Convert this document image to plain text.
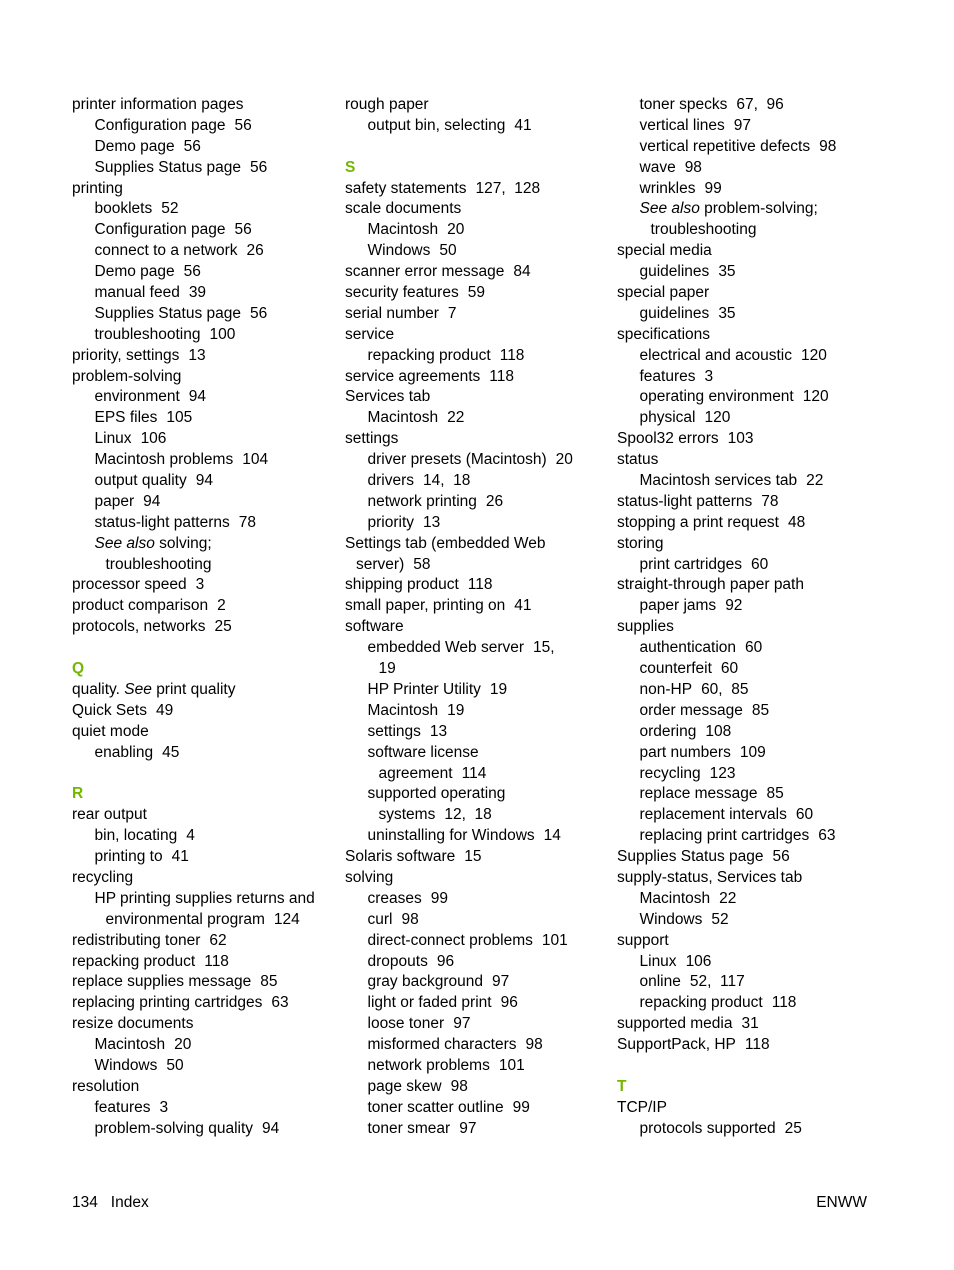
printer information pages
Configuration page 56
Demo page 56
Supplies Status page 56
printing
booklets 52
Configuration page 56
connect to a network 26
Demo page 56
manual feed 39
Supplies Status page 56
troubleshooting 100
priority, settings 13
problem-solving
environment 94
EPS files 105
Linux 106
Macintosh problems 104
output quality 94
paper 94
status-light patterns 78
See also solving;
troubleshooting
processor speed 3
product comparison 2
protocols, networks 25
Q
quality. See print quality
Quick Sets 49
quiet mode
enabling 45
R
rear output
bin, locating 4
printing to 41
recycling
HP printing supplies returns and
environmental program 124
redistributing toner 62
repacking product 118
replace supplies message 85
replacing printing cartridges 63
resize documents
Macintosh 20
Windows 50
resolution
features 3
problem-solving quality 94
rough paper
output bin, selecting 41
S
safety statements 127,  128
scale documents
Macintosh 20
Windows 50
scanner error message 84
security features 59
serial number 7
service
repacking product 118
service agreements 118
Services tab
Macintosh 22
settings
driver presets (Macintosh) 20
drivers 14,  18
network printing 26
priority 13
Settings tab (embedded Web
server) 58
shipping product 118
small paper, printing on 41
software
embedded Web server 15,
19
HP Printer Utility 19
Macintosh 19
settings 13
software license
agreement 114
supported operating
systems 12,  18
uninstalling for Windows 14
Solaris software 15
solving
creases 99
curl 98
direct-connect problems 101
dropouts 96
gray background 97
light or faded print 96
loose toner 97
misformed characters 98
network problems 101
page skew 98
toner scatter outline 99
toner smear 97
toner specks 67,  96
vertical lines 97
vertical repetitive defects 98
wave 98
wrinkles 99
See also problem-solving;
troubleshooting
special media
guidelines 35
special paper
guidelines 35
specifications
electrical and acoustic 120
features 3
operating environment 120
physical 120
Spool32 errors 103
status
Macintosh services tab 22
status-light patterns 78
stopping a print request 48
storing
print cartridges 60
straight-through paper path
paper jams 92
supplies
authentication 60
counterfeit 60
non-HP 60,  85
order message 85
ordering 108
part numbers 109
recycling 123
replace message 85
replacement intervals 60
replacing print cartridges 63
Supplies Status page 56
supply-status, Services tab
Macintosh 22
Windows 52
support
Linux 106
online 52,  117
repacking product 118
supported media 31
SupportPack, HP 118
T
TCP/IP
protocols supported 25
134 Index	ENWW
